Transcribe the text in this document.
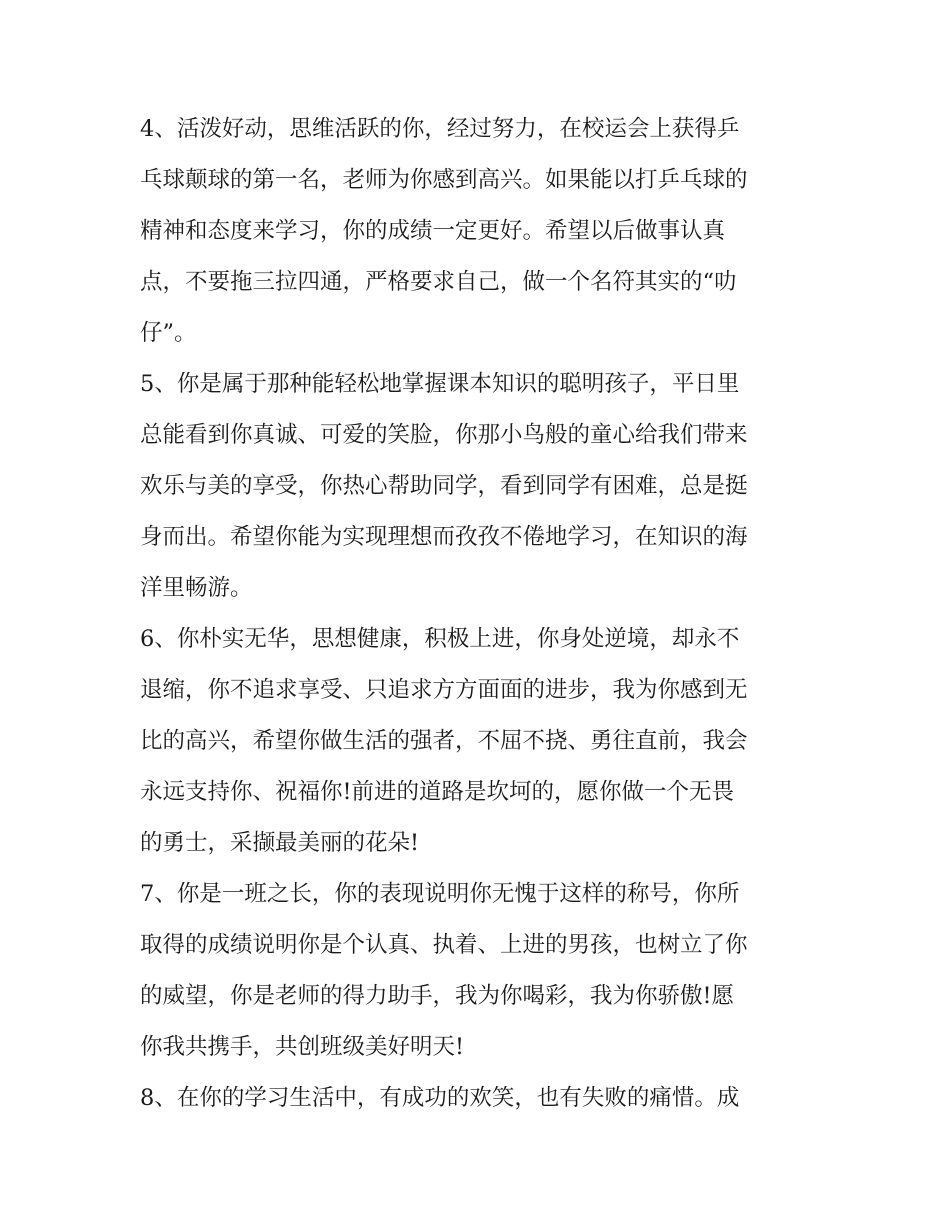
4、活泼好动，思维活跃的你，经过努力，在校运会上获得乒
乓球颠球的第一名，老师为你感到高兴。如果能以打乒乓球的
精神和态度来学习，你的成绩一定更好。希望以后做事认真
点，不要拖三拉四通，严格要求自己，做一个名符其实的“叻
仔”。
5、你是属于那种能轻松地掌握课本知识的聪明孩子，平日里
总能看到你真诚、可爱的笑脸，你那小鸟般的童心给我们带来
欢乐与美的享受，你热心帮助同学，看到同学有困难，总是挺
身而出。希望你能为实现理想而孜孜不倦地学习，在知识的海
洋里畅游。
6、你朴实无华，思想健康，积极上进，你身处逆境，却永不
退缩，你不追求享受、只追求方方面面的进步，我为你感到无
比的高兴，希望你做生活的强者，不屈不挠、勇往直前，我会
永远支持你、祝福你!前进的道路是坎坷的，愿你做一个无畏
的勇士，采撷最美丽的花朵!
7、你是一班之长，你的表现说明你无愧于这样的称号，你所
取得的成绩说明你是个认真、执着、上进的男孩，也树立了你
的威望，你是老师的得力助手，我为你喝彩，我为你骄傲!愿
你我共携手，共创班级美好明天!
8、在你的学习生活中，有成功的欢笑，也有失败的痛惜。成
